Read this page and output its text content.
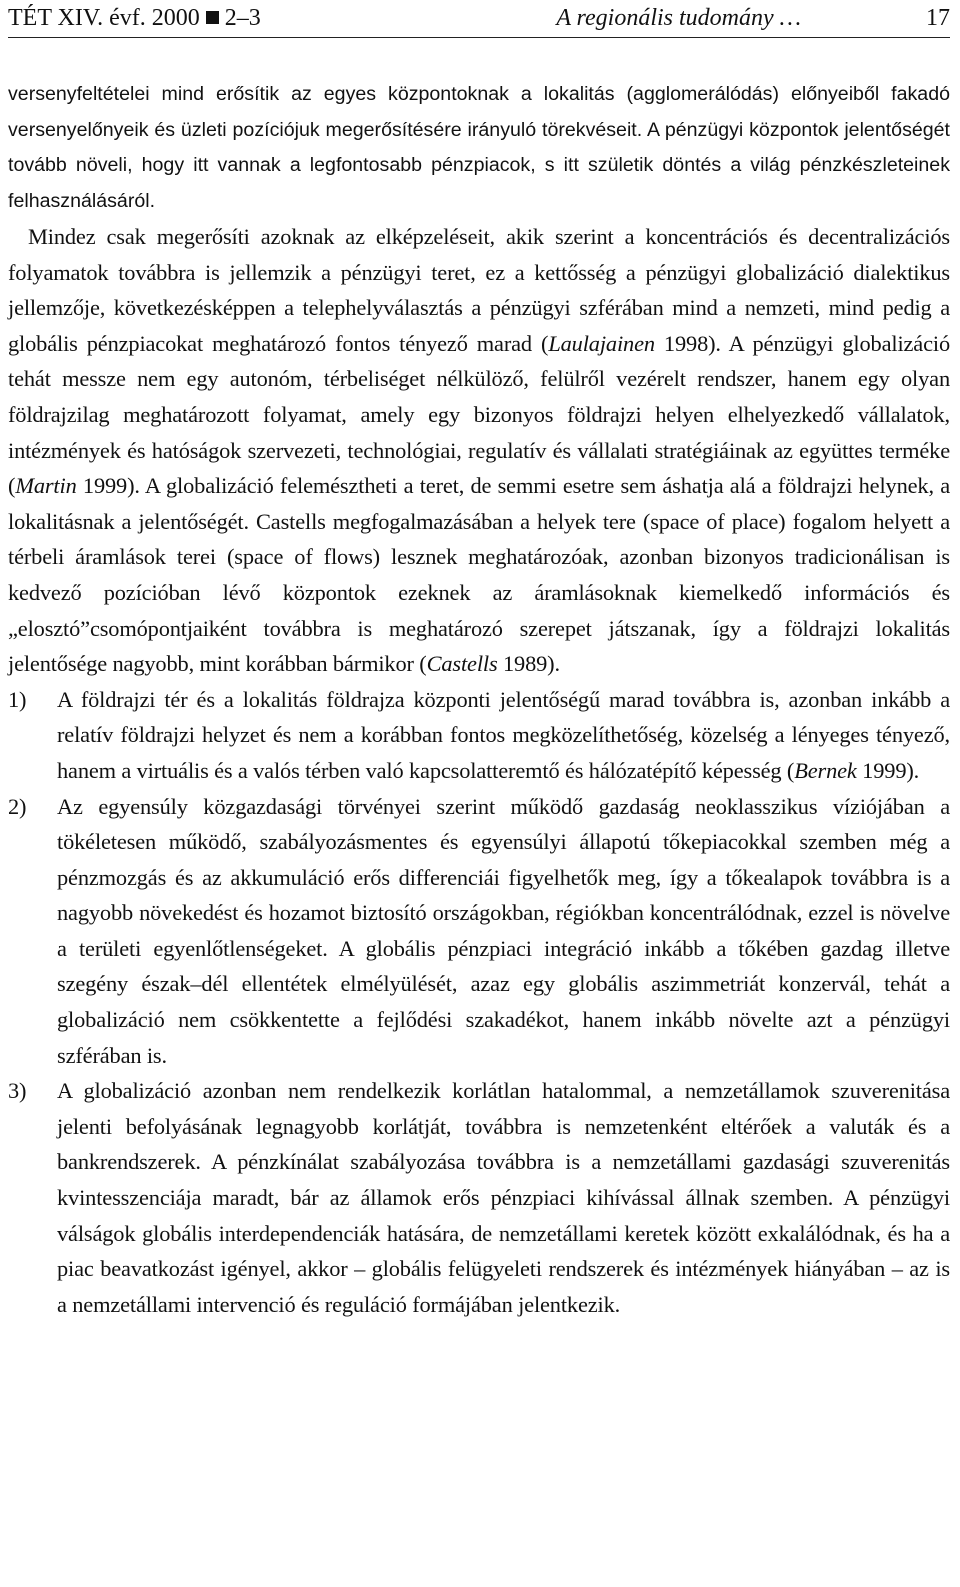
TÉT XIV. évf. 2000 2–3	A regionális tudomány …	17

versenyfeltételei mind erősítik az egyes központoknak a lokalitás (agglomerálódás) előnyeiből fakadó versenyelőnyeik és üzleti pozíciójuk megerősítésére irányuló törekvéseit. A pénzügyi központok jelentőségét tovább növeli, hogy itt vannak a legfontosabb pénzpiacok, s itt születik döntés a világ pénzkészleteinek felhasználásáról.

Mindez csak megerősíti azoknak az elképzeléseit, akik szerint a koncentrációs és decentralizációs folyamatok továbbra is jellemzik a pénzügyi teret, ez a kettősség a pénzügyi globalizáció dialektikus jellemzője, következésképpen a telephelyválasztás a pénzügyi szférában mind a nemzeti, mind pedig a globális pénzpiacokat meghatározó fontos tényező marad (Laulajainen 1998). A pénzügyi globalizáció tehát messze nem egy autonóm, térbeliséget nélkülöző, felülről vezérelt rendszer, hanem egy olyan földrajzilag meghatározott folyamat, amely egy bizonyos földrajzi helyen elhelyezkedő vállalatok, intézmények és hatóságok szervezeti, technológiai, regulatív és vállalati stratégiáinak az együttes terméke (Martin 1999). A globalizáció felemésztheti a teret, de semmi esetre sem áshatja alá a földrajzi helynek, a lokalitásnak a jelentőségét. Castells megfogalmazásában a helyek tere (space of place) fogalom helyett a térbeli áramlások terei (space of flows) lesznek meghatározóak, azonban bizonyos tradicionálisan is kedvező pozícióban lévő központok ezeknek az áramlásoknak kiemelkedő információs és „elosztó”csomópontjaiként továbbra is meghatározó szerepet játszanak, így a földrajzi lokalitás jelentősége nagyobb, mint korábban bármikor (Castells 1989).

1) A földrajzi tér és a lokalitás földrajza központi jelentőségű marad továbbra is, azonban inkább a relatív földrajzi helyzet és nem a korábban fontos megközelíthetőség, közelség a lényeges tényező, hanem a virtuális és a valós térben való kapcsolatteremtő és hálózatépítő képesség (Bernek 1999).
2) Az egyensúly közgazdasági törvényei szerint működő gazdaság neoklasszikus víziójában a tökéletesen működő, szabályozásmentes és egyensúlyi állapotú tőkepiacokkal szemben még a pénzmozgás és az akkumuláció erős differenciái figyelhetők meg, így a tőkealapok továbbra is a nagyobb növekedést és hozamot biztosító országokban, régiókban koncentrálódnak, ezzel is növelve a területi egyenlőtlenségeket. A globális pénzpiaci integráció inkább a tőkében gazdag illetve szegény észak–dél ellentétek elmélyülését, azaz egy globális aszimmetriát konzervál, tehát a globalizáció nem csökkentette a fejlődési szakadékot, hanem inkább növelte azt a pénzügyi szférában is.
3) A globalizáció azonban nem rendelkezik korlátlan hatalommal, a nemzetállamok szuverenitása jelenti befolyásának legnagyobb korlátját, továbbra is nemzetenként eltérőek a valuták és a bankrendszerek. A pénzkínálat szabályozása továbbra is a nemzetállami gazdasági szuverenitás kvintesszenciája maradt, bár az államok erős pénzpiaci kihívással állnak szemben. A pénzügyi válságok globális interdependenciák hatására, de nemzetállami keretek között exkalálódnak, és ha a piac beavatkozást igényel, akkor – globális felügyeleti rendszerek és intézmények hiányában – az is a nemzetállami intervenció és reguláció formájában jelentkezik.
